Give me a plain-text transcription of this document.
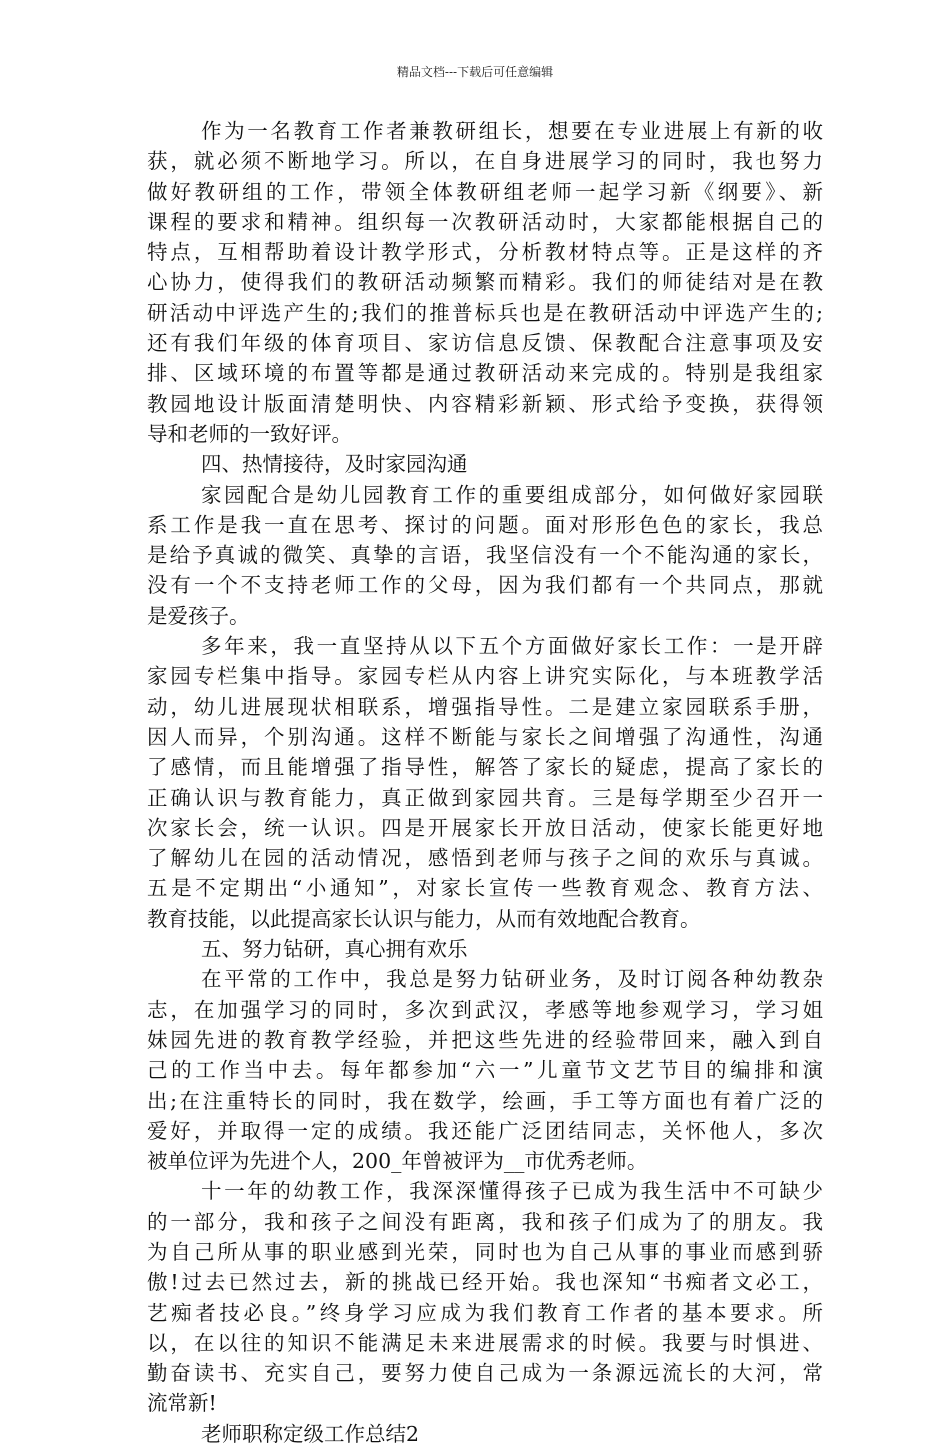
精品文档---下载后可任意编辑
作为一名教育工作者兼教研组长，想要在专业进展上有新的收
获，就必须不断地学习。所以，在自身进展学习的同时，我也努力
做好教研组的工作，带领全体教研组老师一起学习新《纲要》、新
课程的要求和精神。组织每一次教研活动时，大家都能根据自己的
特点，互相帮助着设计教学形式，分析教材特点等。正是这样的齐
心协力，使得我们的教研活动频繁而精彩。我们的师徒结对是在教
研活动中评选产生的;我们的推普标兵也是在教研活动中评选产生的;
还有我们年级的体育项目、家访信息反馈、保教配合注意事项及安
排、区域环境的布置等都是通过教研活动来完成的。特别是我组家
教园地设计版面清楚明快、内容精彩新颖、形式给予变换，获得领
导和老师的一致好评。
四、热情接待，及时家园沟通
家园配合是幼儿园教育工作的重要组成部分，如何做好家园联
系工作是我一直在思考、探讨的问题。面对形形色色的家长，我总
是给予真诚的微笑、真挚的言语，我坚信没有一个不能沟通的家长，
没有一个不支持老师工作的父母，因为我们都有一个共同点，那就
是爱孩子。
多年来，我一直坚持从以下五个方面做好家长工作：一是开辟
家园专栏集中指导。家园专栏从内容上讲究实际化，与本班教学活
动，幼儿进展现状相联系，增强指导性。二是建立家园联系手册，
因人而异，个别沟通。这样不断能与家长之间增强了沟通性，沟通
了感情，而且能增强了指导性，解答了家长的疑虑，提高了家长的
正确认识与教育能力，真正做到家园共育。三是每学期至少召开一
次家长会，统一认识。四是开展家长开放日活动，使家长能更好地
了解幼儿在园的活动情况，感悟到老师与孩子之间的欢乐与真诚。
五是不定期出“小通知”，对家长宣传一些教育观念、教育方法、
教育技能，以此提高家长认识与能力，从而有效地配合教育。
五、努力钻研，真心拥有欢乐
在平常的工作中，我总是努力钻研业务，及时订阅各种幼教杂
志，在加强学习的同时，多次到武汉，孝感等地参观学习，学习姐
妹园先进的教育教学经验，并把这些先进的经验带回来，融入到自
己的工作当中去。每年都参加“六一”儿童节文艺节目的编排和演
出;在注重特长的同时，我在数学，绘画，手工等方面也有着广泛的
爱好，并取得一定的成绩。我还能广泛团结同志，关怀他人，多次
被单位评为先进个人，200_年曾被评为__市优秀老师。
十一年的幼教工作，我深深懂得孩子已成为我生活中不可缺少
的一部分，我和孩子之间没有距离，我和孩子们成为了的朋友。我
为自己所从事的职业感到光荣，同时也为自己从事的事业而感到骄
傲!过去已然过去，新的挑战已经开始。我也深知“书痴者文必工，
艺痴者技必良。”终身学习应成为我们教育工作者的基本要求。所
以，在以往的知识不能满足未来进展需求的时候。我要与时惧进、
勤奋读书、充实自己，要努力使自己成为一条源远流长的大河，常
流常新!
老师职称定级工作总结2
